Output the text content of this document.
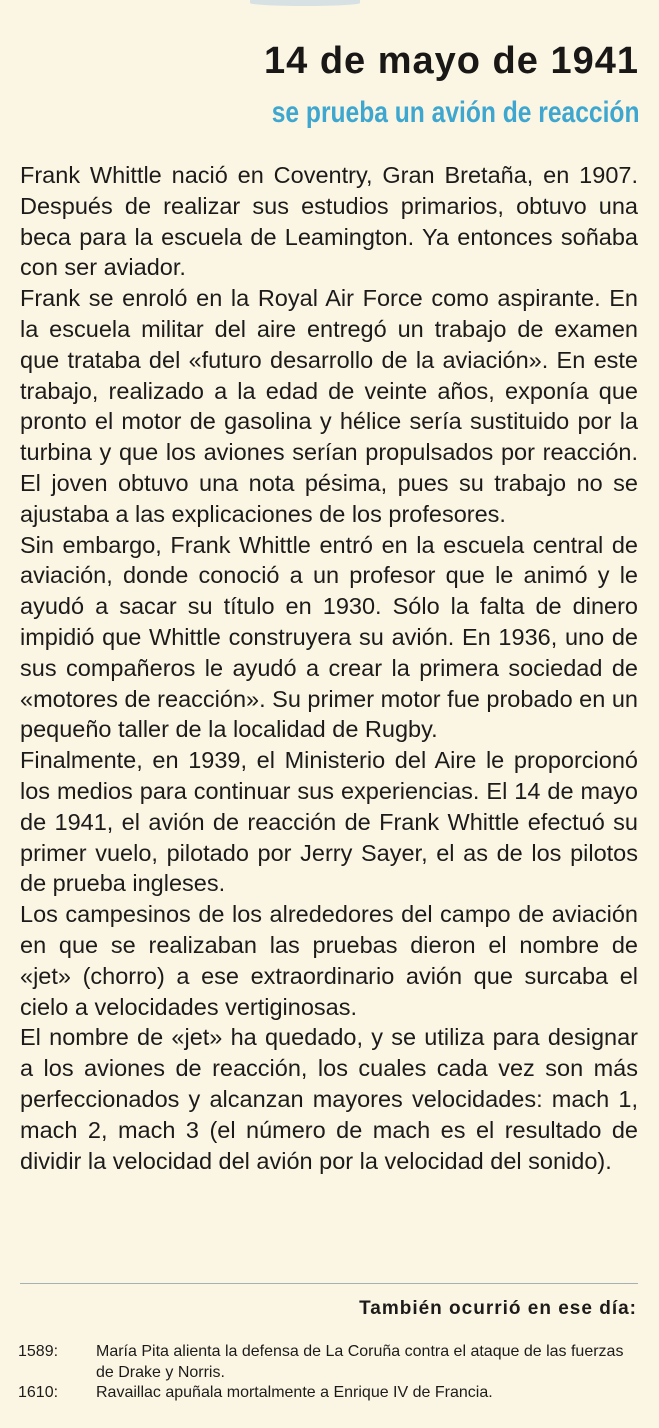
14 de mayo de 1941
se prueba un avión de reacción

Frank Whittle nació en Coventry, Gran Bretaña, en 1907. Después de realizar sus estudios primarios, obtuvo una beca para la escuela de Leamington. Ya entonces soñaba con ser aviador.

Frank se enroló en la Royal Air Force como aspirante. En la escuela militar del aire entregó un trabajo de examen que trataba del «futuro desarrollo de la aviación». En este trabajo, realizado a la edad de veinte años, exponía que pronto el motor de gasolina y hélice sería sustituido por la turbina y que los aviones serían propulsados por reacción. El joven obtuvo una nota pésima, pues su trabajo no se ajustaba a las explicaciones de los profesores.

Sin embargo, Frank Whittle entró en la escuela central de aviación, donde conoció a un profesor que le animó y le ayudó a sacar su título en 1930. Sólo la falta de dinero impidió que Whittle construyera su avión. En 1936, uno de sus compañeros le ayudó a crear la primera sociedad de «motores de reacción». Su primer motor fue probado en un pequeño taller de la localidad de Rugby.

Finalmente, en 1939, el Ministerio del Aire le proporcionó los medios para continuar sus experiencias. El 14 de mayo de 1941, el avión de reacción de Frank Whittle efectuó su primer vuelo, pilotado por Jerry Sayer, el as de los pilotos de prueba ingleses.

Los campesinos de los alrededores del campo de aviación en que se realizaban las pruebas dieron el nombre de «jet» (chorro) a ese extraordinario avión que surcaba el cielo a velocidades vertiginosas.

El nombre de «jet» ha quedado, y se utiliza para designar a los aviones de reacción, los cuales cada vez son más perfeccionados y alcanzan mayores velocidades: mach 1, mach 2, mach 3 (el número de mach es el resultado de dividir la velocidad del avión por la velocidad del sonido).

También ocurrió en ese día:
1589:	María Pita alienta la defensa de La Coruña contra el ataque de las fuerzas de Drake y Norris.
1610:	Ravaillac apuñala mortalmente a Enrique IV de Francia.
